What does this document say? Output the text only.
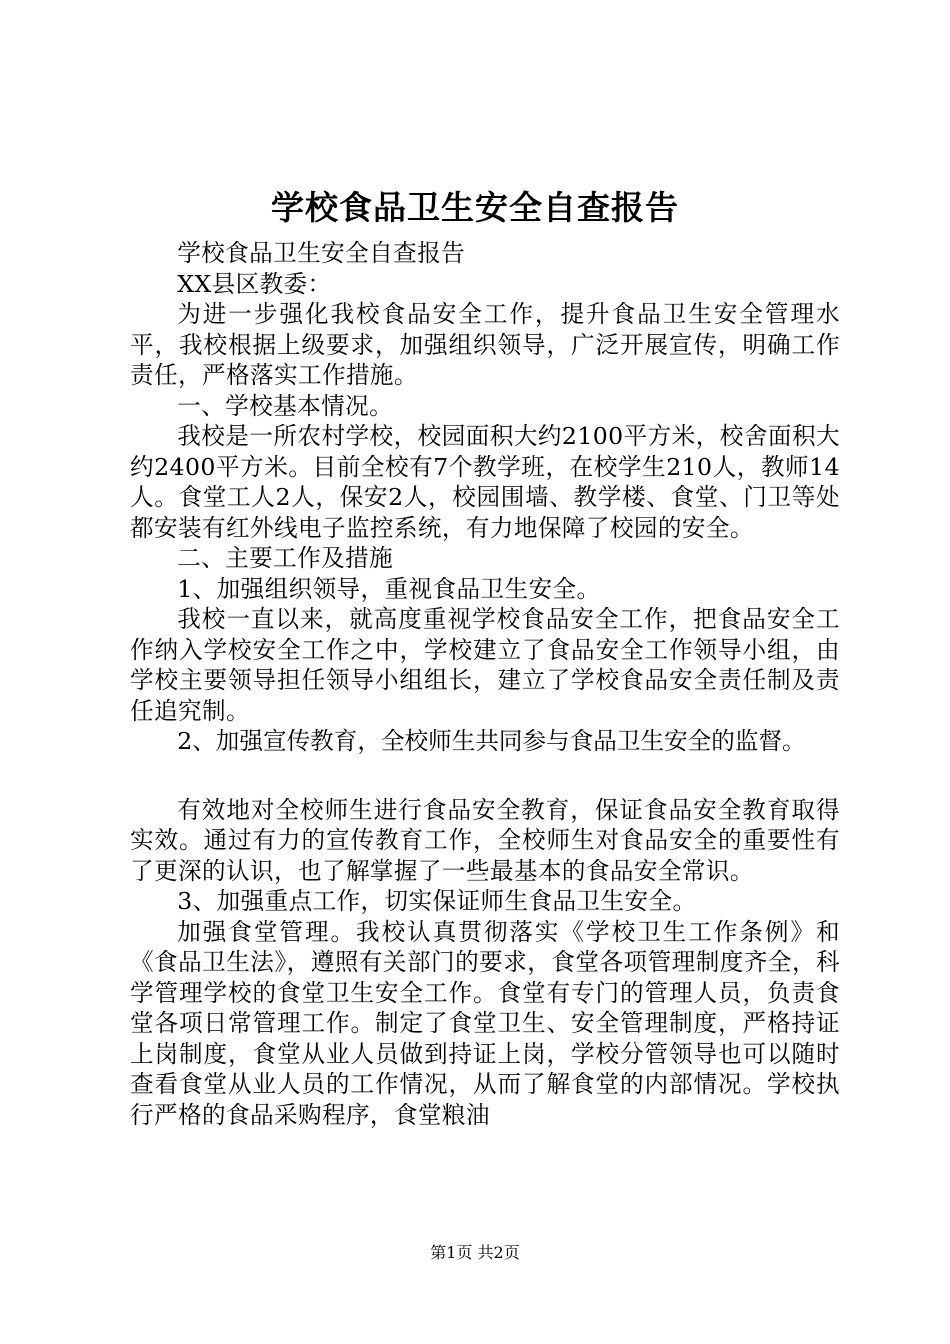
学校食品卫生安全自查报告

学校食品卫生安全自查报告

XX县区教委：

为进一步强化我校食品安全工作，提升食品卫生安全管理水平，我校根据上级要求，加强组织领导，广泛开展宣传，明确工作责任，严格落实工作措施。

一、学校基本情况。

我校是一所农村学校，校园面积大约2100平方米，校舍面积大约2400平方米。目前全校有7个教学班，在校学生210人，教师14人。食堂工人2人，保安2人，校园围墙、教学楼、食堂、门卫等处都安装有红外线电子监控系统，有力地保障了校园的安全。

二、主要工作及措施

1、加强组织领导，重视食品卫生安全。

我校一直以来，就高度重视学校食品安全工作，把食品安全工作纳入学校安全工作之中，学校建立了食品安全工作领导小组，由学校主要领导担任领导小组组长，建立了学校食品安全责任制及责任追究制。

2、加强宣传教育，全校师生共同参与食品卫生安全的监督。

有效地对全校师生进行食品安全教育，保证食品安全教育取得实效。通过有力的宣传教育工作，全校师生对食品安全的重要性有了更深的认识，也了解掌握了一些最基本的食品安全常识。

3、加强重点工作，切实保证师生食品卫生安全。

加强食堂管理。我校认真贯彻落实《学校卫生工作条例》和《食品卫生法》，遵照有关部门的要求，食堂各项管理制度齐全，科学管理学校的食堂卫生安全工作。食堂有专门的管理人员，负责食堂各项日常管理工作。制定了食堂卫生、安全管理制度，严格持证上岗制度，食堂从业人员做到持证上岗，学校分管领导也可以随时查看食堂从业人员的工作情况，从而了解食堂的内部情况。学校执行严格的食品采购程序，食堂粮油

第1页 共2页
